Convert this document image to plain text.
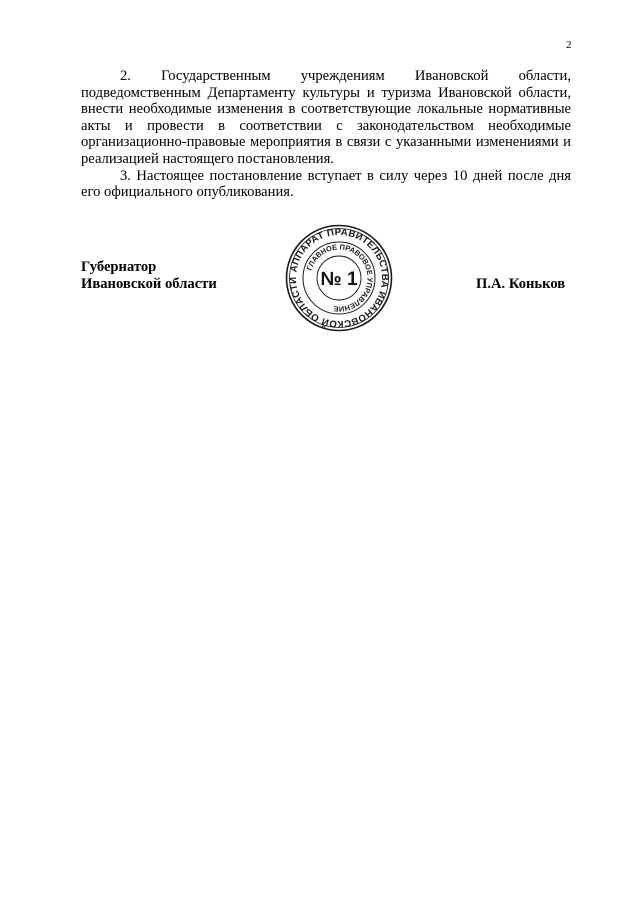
2

2. Государственным учреждениям Ивановской области, подведомственным Департаменту культуры и туризма Ивановской области, внести необходимые изменения в соответствующие локальные нормативные акты и провести в соответствии с законодательством необходимые организационно-правовые мероприятия в связи с указанными изменениями и реализацией настоящего постановления.

3. Настоящее постановление вступает в силу через 10 дней после дня его официального опубликования.

Губернатор
Ивановской области
АППАРАТ ПРАВИТЕЛЬСТВА ИВАНОВСКОЙ ОБЛАСТИ
ГЛАВНОЕ ПРАВОВОЕ УПРАВЛЕНИЕ
№ 1	П.А. Коньков
